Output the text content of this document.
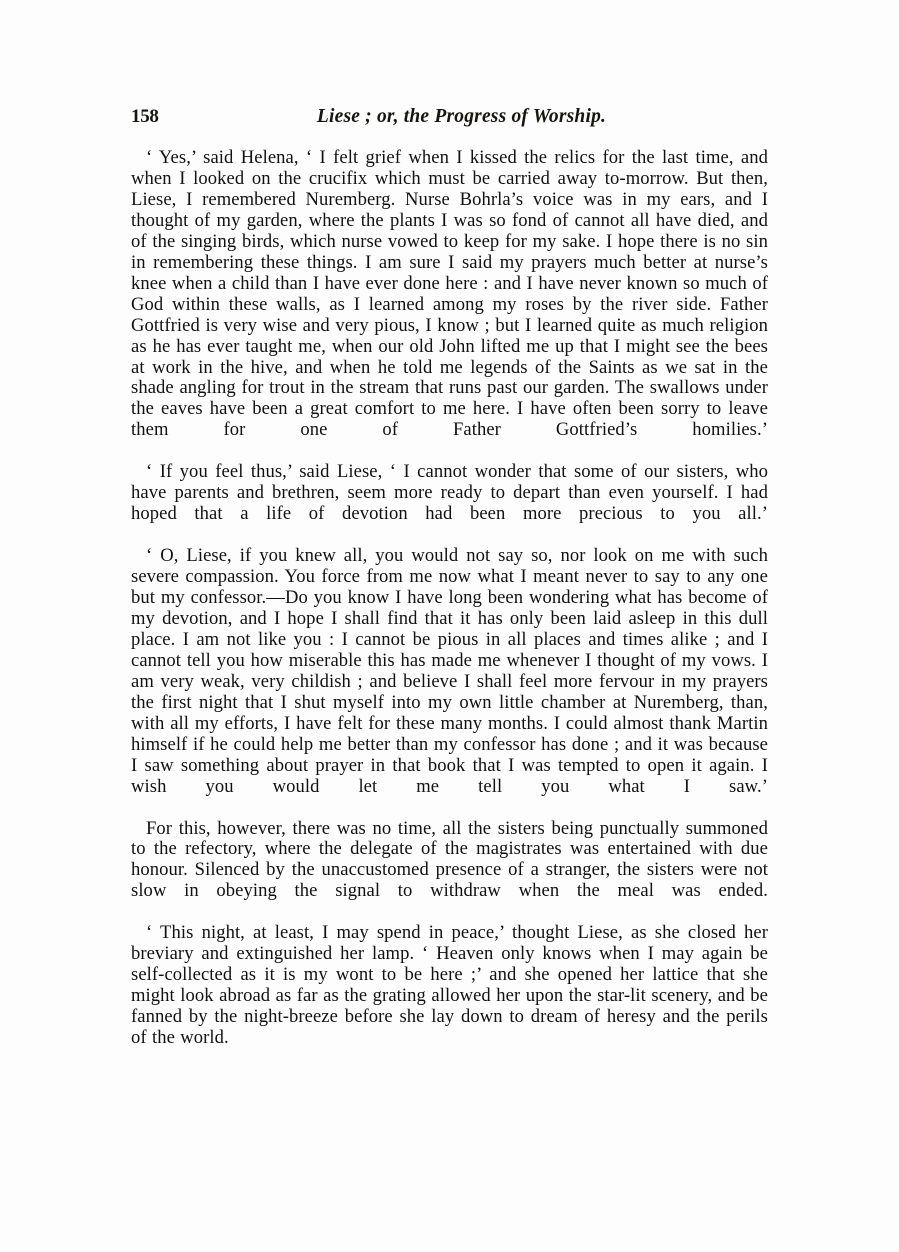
158	Liese ; or, the Progress of Worship.

‘ Yes,’ said Helena, ‘ I felt grief when I kissed the relics for the last time, and when I looked on the crucifix which must be carried away to-morrow. But then, Liese, I remembered Nuremberg. Nurse Bohrla’s voice was in my ears, and I thought of my garden, where the plants I was so fond of cannot all have died, and of the singing birds, which nurse vowed to keep for my sake. I hope there is no sin in remembering these things. I am sure I said my prayers much better at nurse’s knee when a child than I have ever done here : and I have never known so much of God within these walls, as I learned among my roses by the river side. Father Gottfried is very wise and very pious, I know ; but I learned quite as much religion as he has ever taught me, when our old John lifted me up that I might see the bees at work in the hive, and when he told me legends of the Saints as we sat in the shade angling for trout in the stream that runs past our garden. The swallows under the eaves have been a great comfort to me here. I have often been sorry to leave them for one of Father Gottfried’s homilies.’

‘ If you feel thus,’ said Liese, ‘ I cannot wonder that some of our sisters, who have parents and brethren, seem more ready to depart than even yourself. I had hoped that a life of devotion had been more precious to you all.’

‘ O, Liese, if you knew all, you would not say so, nor look on me with such severe compassion. You force from me now what I meant never to say to any one but my confessor.—Do you know I have long been wondering what has become of my devotion, and I hope I shall find that it has only been laid asleep in this dull place. I am not like you : I cannot be pious in all places and times alike ; and I cannot tell you how miserable this has made me whenever I thought of my vows. I am very weak, very childish ; and believe I shall feel more fervour in my prayers the first night that I shut myself into my own little chamber at Nuremberg, than, with all my efforts, I have felt for these many months. I could almost thank Martin himself if he could help me better than my confessor has done ; and it was because I saw something about prayer in that book that I was tempted to open it again. I wish you would let me tell you what I saw.’

For this, however, there was no time, all the sisters being punctually summoned to the refectory, where the delegate of the magistrates was entertained with due honour. Silenced by the unaccustomed presence of a stranger, the sisters were not slow in obeying the signal to withdraw when the meal was ended.

‘ This night, at least, I may spend in peace,’ thought Liese, as she closed her breviary and extinguished her lamp. ‘ Heaven only knows when I may again be self-collected as it is my wont to be here ;’ and she opened her lattice that she might look abroad as far as the grating allowed her upon the star-lit scenery, and be fanned by the night-breeze before she lay down to dream of heresy and the perils of the world.
